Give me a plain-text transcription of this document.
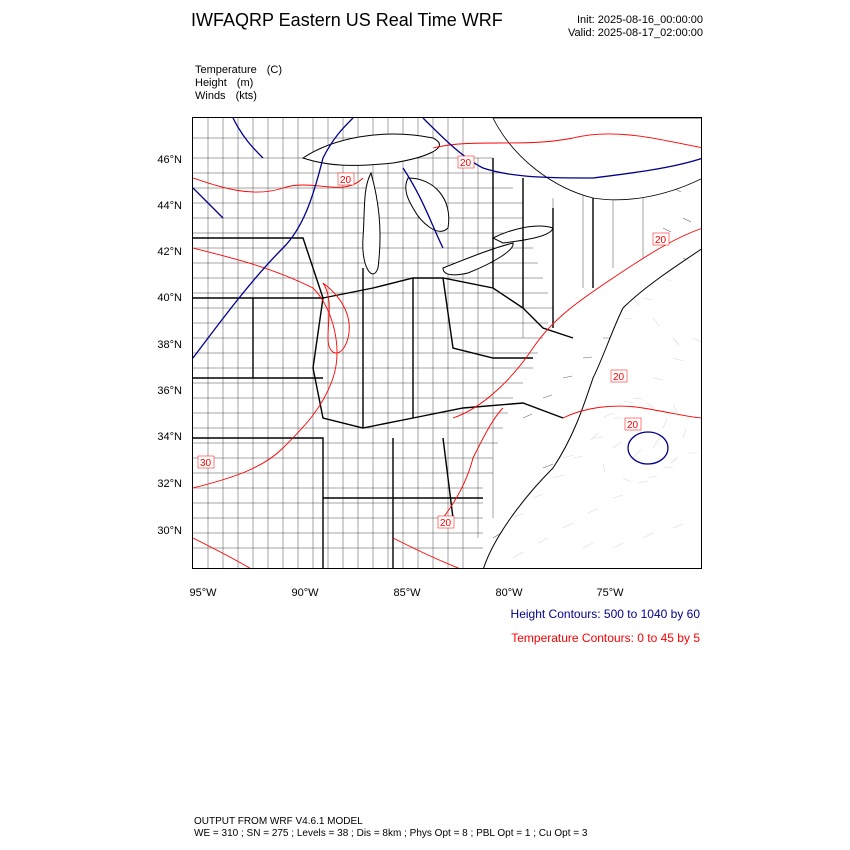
IWFAQRP Eastern US Real Time WRF	Init: 2025-08-16_00:00:00
Valid: 2025-08-17_02:00:00
Temperature (C)
Height (m)
Winds (kts)
20
20
20
20
20
30
20
46°N
44°N
42°N
40°N
38°N
36°N
34°N
32°N
30°N
95°W	90°W	85°W	80°W	75°W
Height Contours: 500 to 1040 by 60
Temperature Contours: 0 to 45 by 5
OUTPUT FROM WRF V4.6.1 MODEL
WE = 310 ; SN = 275 ; Levels = 38 ; Dis = 8km ; Phys Opt = 8 ; PBL Opt = 1 ; Cu Opt = 3
